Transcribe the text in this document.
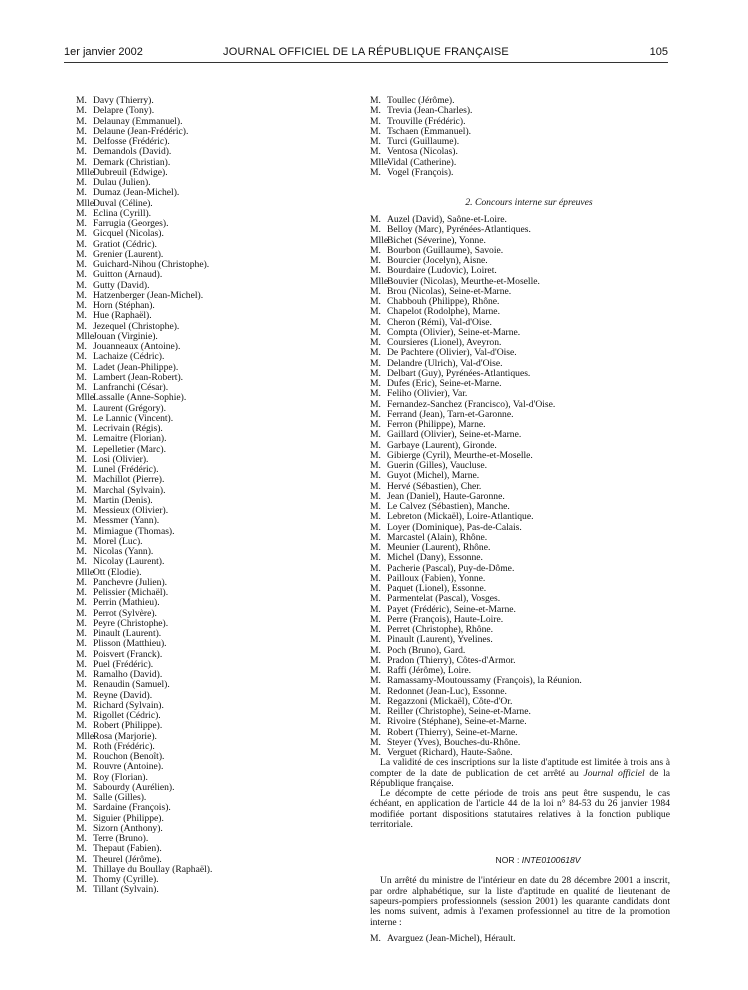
1er janvier 2002	JOURNAL OFFICIEL DE LA RÉPUBLIQUE FRANÇAISE	105
M. Davy (Thierry).
M. Delapre (Tony).
M. Delaunay (Emmanuel).
M. Delaune (Jean-Frédéric).
M. Delfosse (Frédéric).
M. Demandols (David).
M. Demark (Christian).
MlleDubreuil (Edwige).
M. Dulau (Julien).
M. Dumaz (Jean-Michel).
MlleDuval (Céline).
M. Eclina (Cyrill).
M. Farrugia (Georges).
M. Gicquel (Nicolas).
M. Gratiot (Cédric).
M. Grenier (Laurent).
M. Guichard-Nihou (Christophe).
M. Guitton (Arnaud).
M. Gutty (David).
M. Hatzenberger (Jean-Michel).
M. Horn (Stéphan).
M. Hue (Raphaël).
M. Jezequel (Christophe).
MlleJouan (Virginie).
M. Jouanneaux (Antoine).
M. Lachaize (Cédric).
M. Ladet (Jean-Philippe).
M. Lambert (Jean-Robert).
M. Lanfranchi (César).
MlleLassalle (Anne-Sophie).
M. Laurent (Grégory).
M. Le Lannic (Vincent).
M. Lecrivain (Régis).
M. Lemaitre (Florian).
M. Lepelletier (Marc).
M. Losi (Olivier).
M. Lunel (Frédéric).
M. Machillot (Pierre).
M. Marchal (Sylvain).
M. Martin (Denis).
M. Messieux (Olivier).
M. Messmer (Yann).
M. Mimiague (Thomas).
M. Morel (Luc).
M. Nicolas (Yann).
M. Nicolay (Laurent).
MlleOtt (Elodie).
M. Panchevre (Julien).
M. Pelissier (Michaël).
M. Perrin (Mathieu).
M. Perrot (Sylvère).
M. Peyre (Christophe).
M. Pinault (Laurent).
M. Plisson (Matthieu).
M. Poisvert (Franck).
M. Puel (Frédéric).
M. Ramalho (David).
M. Renaudin (Samuel).
M. Reyne (David).
M. Richard (Sylvain).
M. Rigollet (Cédric).
M. Robert (Philippe).
MlleRosa (Marjorie).
M. Roth (Frédéric).
M. Rouchon (Benoît).
M. Rouvre (Antoine).
M. Roy (Florian).
M. Sabourdy (Aurélien).
M. Salle (Gilles).
M. Sardaine (François).
M. Siguier (Philippe).
M. Sizorn (Anthony).
M. Terre (Bruno).
M. Thepaut (Fabien).
M. Theurel (Jérôme).
M. Thillaye du Boullay (Raphaël).
M. Thomy (Cyrille).
M. Tillant (Sylvain).
M. Toullec (Jérôme).
M. Trevia (Jean-Charles).
M. Trouville (Frédéric).
M. Tschaen (Emmanuel).
M. Turci (Guillaume).
M. Ventosa (Nicolas).
MlleVidal (Catherine).
M. Vogel (François).
2. Concours interne sur épreuves
M. Auzel (David), Saône-et-Loire.
M. Belloy (Marc), Pyrénées-Atlantiques.
MlleBichet (Séverine), Yonne.
M. Bourbon (Guillaume), Savoie.
M. Bourcier (Jocelyn), Aisne.
M. Bourdaire (Ludovic), Loiret.
MlleBouvier (Nicolas), Meurthe-et-Moselle.
M. Brou (Nicolas), Seine-et-Marne.
M. Chabbouh (Philippe), Rhône.
M. Chapelot (Rodolphe), Marne.
M. Cheron (Rémi), Val-d'Oise.
M. Compta (Olivier), Seine-et-Marne.
M. Coursieres (Lionel), Aveyron.
M. De Pachtere (Olivier), Val-d'Oise.
M. Delandre (Ulrich), Val-d'Oise.
M. Delbart (Guy), Pyrénées-Atlantiques.
M. Dufes (Eric), Seine-et-Marne.
M. Feliho (Olivier), Var.
M. Fernandez-Sanchez (Francisco), Val-d'Oise.
M. Ferrand (Jean), Tarn-et-Garonne.
M. Ferron (Philippe), Marne.
M. Gaillard (Olivier), Seine-et-Marne.
M. Garbaye (Laurent), Gironde.
M. Gibierge (Cyril), Meurthe-et-Moselle.
M. Guerin (Gilles), Vaucluse.
M. Guyot (Michel), Marne.
M. Hervé (Sébastien), Cher.
M. Jean (Daniel), Haute-Garonne.
M. Le Calvez (Sébastien), Manche.
M. Lebreton (Mickaël), Loire-Atlantique.
M. Loyer (Dominique), Pas-de-Calais.
M. Marcastel (Alain), Rhône.
M. Meunier (Laurent), Rhône.
M. Michel (Dany), Essonne.
M. Pacherie (Pascal), Puy-de-Dôme.
M. Pailloux (Fabien), Yonne.
M. Paquet (Lionel), Essonne.
M. Parmentelat (Pascal), Vosges.
M. Payet (Frédéric), Seine-et-Marne.
M. Perre (François), Haute-Loire.
M. Perret (Christophe), Rhône.
M. Pinault (Laurent), Yvelines.
M. Poch (Bruno), Gard.
M. Pradon (Thierry), Côtes-d'Armor.
M. Raffi (Jérôme), Loire.
M. Ramassamy-Moutoussamy (François), la Réunion.
M. Redonnet (Jean-Luc), Essonne.
M. Regazzoni (Mickaël), Côte-d'Or.
M. Reiller (Christophe), Seine-et-Marne.
M. Rivoire (Stéphane), Seine-et-Marne.
M. Robert (Thierry), Seine-et-Marne.
M. Steyer (Yves), Bouches-du-Rhône.
M. Verguet (Richard), Haute-Saône.

La validité de ces inscriptions sur la liste d'aptitude est limitée à trois ans à compter de la date de publication de cet arrêté au Journal officiel de la République française.

Le décompte de cette période de trois ans peut être suspendu, le cas échéant, en application de l'article 44 de la loi n° 84-53 du 26 janvier 1984 modifiée portant dispositions statutaires relatives à la fonction publique territoriale.

NOR : INTE0100618V

Un arrêté du ministre de l'intérieur en date du 28 décembre 2001 a inscrit, par ordre alphabétique, sur la liste d'aptitude en qualité de lieutenant de sapeurs-pompiers professionnels (session 2001) les quarante candidats dont les noms suivent, admis à l'examen professionnel au titre de la promotion interne :

M. Avarguez (Jean-Michel), Hérault.
